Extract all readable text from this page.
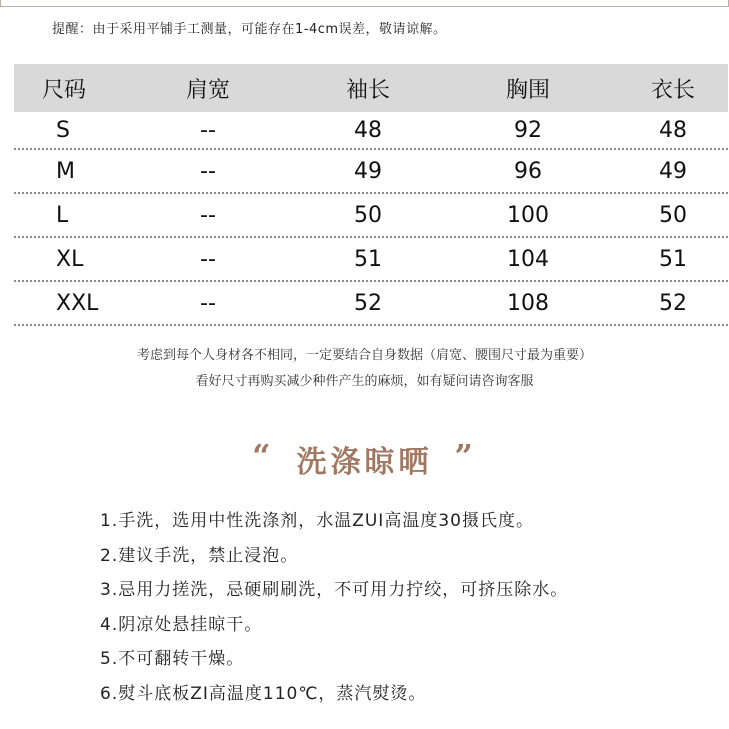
提醒：由于采用平铺手工测量，可能存在1-4cm误差，敬请谅解。
尺码	肩宽	袖长	胸围	衣长
S	--	48	92	48
M	--	49	96	49
L	--	50	100	50
XL	--	51	104	51
XXL	--	52	108	52
考虑到每个人身材各不相同，一定要结合自身数据（肩宽、腰围尺寸最为重要）
看好尺寸再购买减少种件产生的麻烦，如有疑问请咨询客服
“ 洗涤晾晒 ”
1.手洗，选用中性洗涤剂，水温ZUI高温度30摄氏度。
2.建议手洗，禁止浸泡。
3.忌用力搓洗，忌硬刷刷洗，不可用力拧绞，可挤压除水。
4.阴凉处悬挂晾干。
5.不可翻转干燥。
6.熨斗底板ZI高温度110℃，蒸汽熨烫。
